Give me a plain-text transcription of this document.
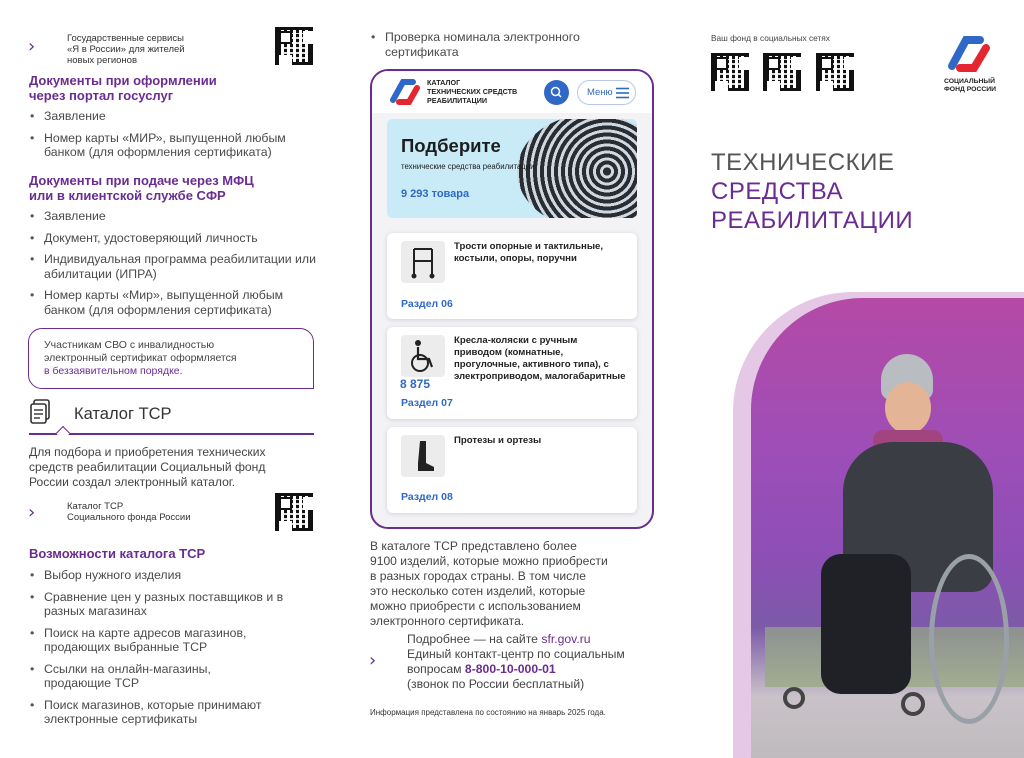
›	Государственные сервисы
«Я в России» для жителей
новых регионов
Документы при оформлении
через портал госуслуг
• Заявление
• Номер карты «МИР», выпущенной любым банком (для оформления сертификата)
Документы при подаче через МФЦ
или в клиентской службе СФР
• Заявление
• Документ, удостоверяющий личность
• Индивидуальная программа реабилитации или абилитации (ИПРА)
• Номер карты «Мир», выпущенной любым банком (для оформления сертификата)
Участникам СВО с инвалидностью
электронный сертификат оформляется
в беззаявительном порядке.
Каталог ТСР
Для подбора и приобретения технических
средств реабилитации Социальный фонд
России создал электронный каталог.
›	Каталог ТСР
Социального фонда России
Возможности каталога ТСР
• Выбор нужного изделия
• Сравнение цен у разных поставщиков и в разных магазинах
• Поиск на карте адресов магазинов, продающих выбранные ТСР
• Ссылки на онлайн-магазины, продающие ТСР
• Поиск магазинов, которые принимают электронные сертификаты
• Проверка номинала электронного
сертификата
КАТАЛОГ
ТЕХНИЧЕСКИХ СРЕДСТВ
РЕАБИЛИТАЦИИ
Меню
Подберите
технические средства реабилитации
9 293 товара
Трости опорные и тактильные, костыли, опоры, поручни
Раздел 06
Кресла-коляски с ручным приводом (комнатные, прогулочные, активного типа), с электроприводом, малогабаритные
8 875
Раздел 07
Протезы и ортезы
Раздел 08
В каталоге ТСР представлено более
9100 изделий, которые можно приобрести
в разных городах страны. В том числе
это несколько сотен изделий, которые
можно приобрести с использованием
электронного сертификата.
›
Подробнее — на сайте sfr.gov.ru
Единый контакт-центр по социальным
вопросам 8-800-10-000-01
(звонок по России бесплатный)
Информация представлена по состоянию на январь 2025 года.
Ваш фонд в социальных сетях
СОЦИАЛЬНЫЙ
ФОНД РОССИИ
ТЕХНИЧЕСКИЕ
СРЕДСТВА
РЕАБИЛИТАЦИИ
